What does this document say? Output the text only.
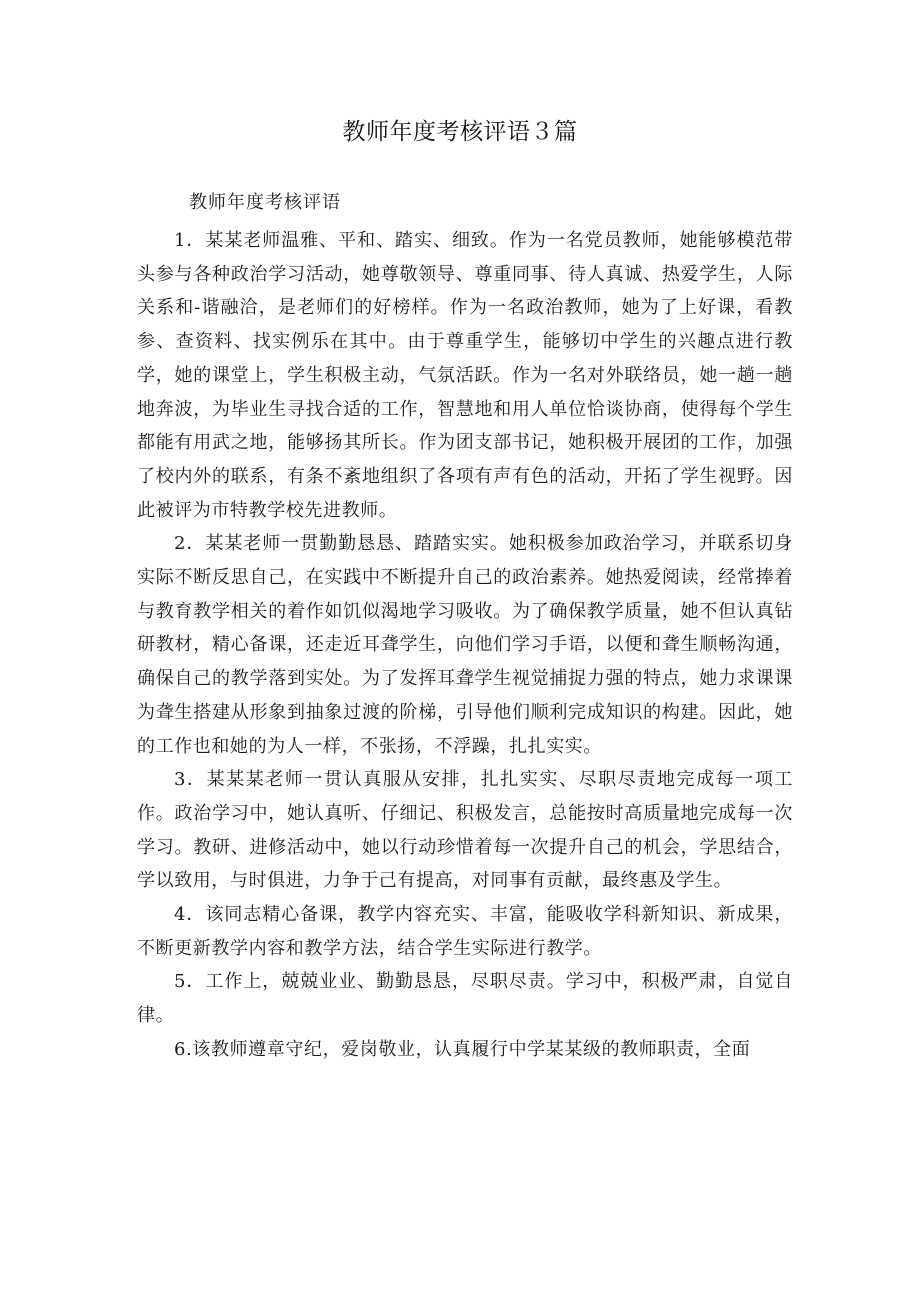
教师年度考核评语３篇

教师年度考核评语

1．某某老师温雅、平和、踏实、细致。作为一名党员教师，她能够模范带头参与各种政治学习活动，她尊敬领导、尊重同事、待人真诚、热爱学生，人际关系和-谐融洽，是老师们的好榜样。作为一名政治教师，她为了上好课，看教参、查资料、找实例乐在其中。由于尊重学生，能够切中学生的兴趣点进行教学，她的课堂上，学生积极主动，气氛活跃。作为一名对外联络员，她一趟一趟地奔波，为毕业生寻找合适的工作，智慧地和用人单位恰谈协商，使得每个学生都能有用武之地，能够扬其所长。作为团支部书记，她积极开展团的工作，加强了校内外的联系，有条不紊地组织了各项有声有色的活动，开拓了学生视野。因此被评为市特教学校先进教师。

2．某某老师一贯勤勤恳恳、踏踏实实。她积极参加政治学习，并联系切身实际不断反思自己，在实践中不断提升自己的政治素养。她热爱阅读，经常捧着与教育教学相关的着作如饥似渴地学习吸收。为了确保教学质量，她不但认真钻研教材，精心备课，还走近耳聋学生，向他们学习手语，以便和聋生顺畅沟通，确保自己的教学落到实处。为了发挥耳聋学生视觉捕捉力强的特点，她力求课课为聋生搭建从形象到抽象过渡的阶梯，引导他们顺利完成知识的构建。因此，她的工作也和她的为人一样，不张扬，不浮躁，扎扎实实。

3．某某某老师一贯认真服从安排，扎扎实实、尽职尽责地完成每一项工作。政治学习中，她认真听、仔细记、积极发言，总能按时高质量地完成每一次学习。教研、进修活动中，她以行动珍惜着每一次提升自己的机会，学思结合，学以致用，与时俱进，力争于己有提高，对同事有贡献，最终惠及学生。

4．该同志精心备课，教学内容充实、丰富，能吸收学科新知识、新成果，不断更新教学内容和教学方法，结合学生实际进行教学。

5．工作上，兢兢业业、勤勤恳恳，尽职尽责。学习中，积极严肃，自觉自律。

6.该教师遵章守纪，爱岗敬业，认真履行中学某某级的教师职责，全面
